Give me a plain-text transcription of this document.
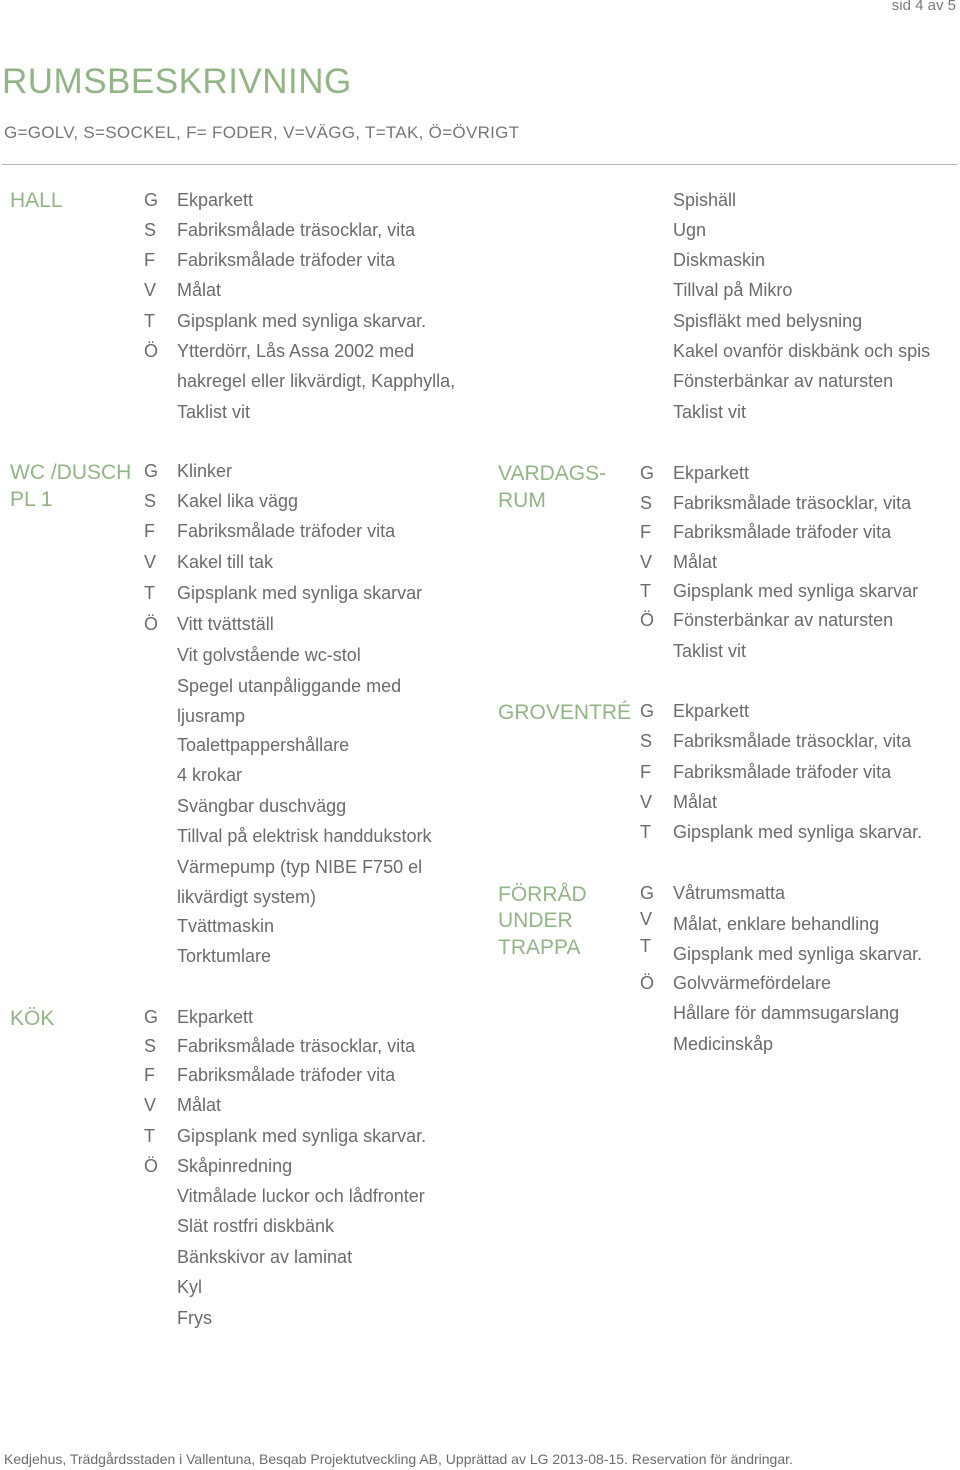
sid 4 av 5
RUMSBESKRIVNING
G=GOLV, S=SOCKEL, F= FODER, V=VÄGG, T=TAK, Ö=ÖVRIGT
HALL	G
S
F
V
T
Ö
Ekparkett
Fabriksmålade träsocklar, vita
Fabriksmålade träfoder vita
Målat
Gipsplank med synliga skarvar.
Ytterdörr, Lås Assa 2002 med
hakregel eller likvärdigt, Kapphylla,
Taklist vit
Spishäll
Ugn
Diskmaskin
Tillval på Mikro
Spisfläkt med belysning
Kakel ovanför diskbänk och spis
Fönsterbänkar av natursten
Taklist vit
WC /DUSCH
PL 1
G
S
F
V
T
Ö
Klinker
Kakel lika vägg
Fabriksmålade träfoder vita
Kakel till tak
Gipsplank med synliga skarvar
Vitt tvättställ
Vit golvstående wc-stol
Spegel utanpåliggande med
ljusramp
Toalettpappershållare
4 krokar
Svängbar duschvägg
Tillval på elektrisk handdukstork
Värmepump (typ NIBE F750 el
likvärdigt system)
Tvättmaskin
Torktumlare
KÖK	G
S
F
V
T
Ö
Ekparkett
Fabriksmålade träsocklar, vita
Fabriksmålade träfoder vita
Målat
Gipsplank med synliga skarvar.
Skåpinredning
Vitmålade luckor och lådfronter
Slät rostfri diskbänk
Bänkskivor av laminat
Kyl
Frys
VARDAGS-
RUM
G
S
F
V
T
Ö
Ekparkett
Fabriksmålade träsocklar, vita
Fabriksmålade träfoder vita
Målat
Gipsplank med synliga skarvar
Fönsterbänkar av natursten
Taklist vit
GROVENTRÉ G
S
F
V
T
Ekparkett
Fabriksmålade träsocklar, vita
Fabriksmålade träfoder vita
Målat
Gipsplank med synliga skarvar.
FÖRRÅD
UNDER
TRAPPA
G
V
T
Ö
Våtrumsmatta
Målat, enklare behandling
Gipsplank med synliga skarvar.
Golvvärmefördelare
Hållare för dammsugarslang
Medicinskåp
Kedjehus, Trädgårdsstaden i Vallentuna, Besqab Projektutveckling AB, Upprättad av LG 2013-08-15. Reservation för ändringar.
